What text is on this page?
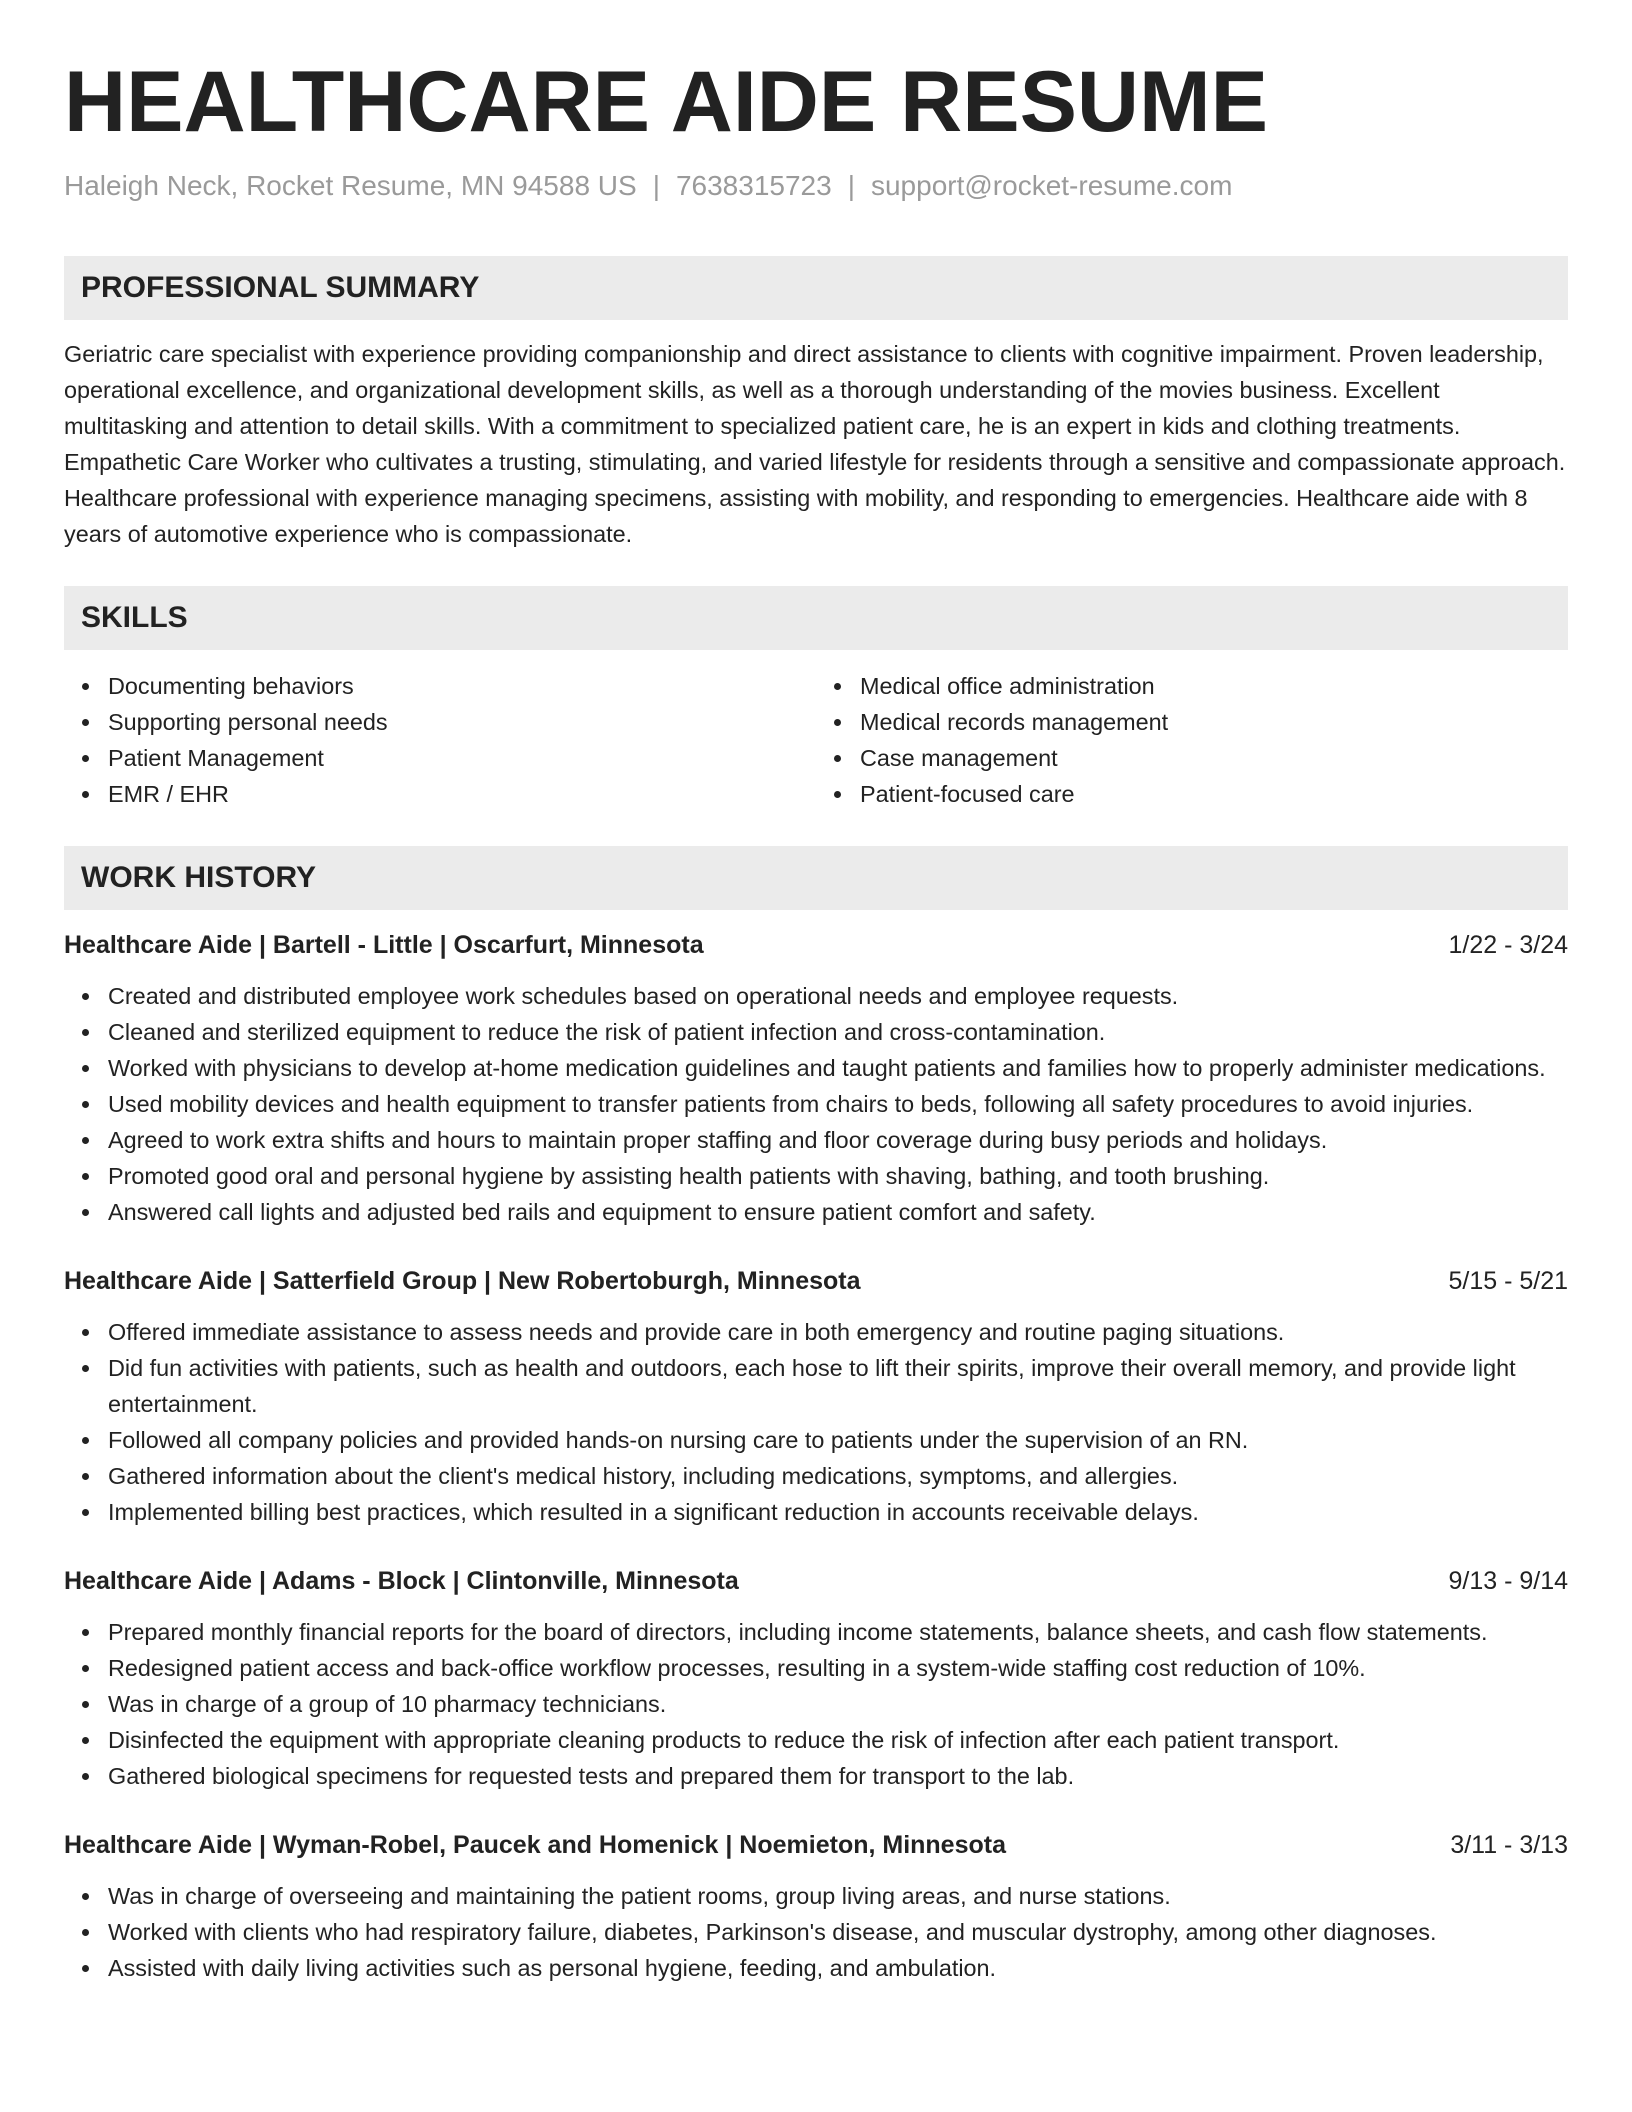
HEALTHCARE AIDE RESUME
Haleigh Neck, Rocket Resume, MN 94588 US | 7638315723 | support@rocket-resume.com
PROFESSIONAL SUMMARY
Geriatric care specialist with experience providing companionship and direct assistance to clients with cognitive impairment. Proven leadership, operational excellence, and organizational development skills, as well as a thorough understanding of the movies business. Excellent multitasking and attention to detail skills. With a commitment to specialized patient care, he is an expert in kids and clothing treatments. Empathetic Care Worker who cultivates a trusting, stimulating, and varied lifestyle for residents through a sensitive and compassionate approach. Healthcare professional with experience managing specimens, assisting with mobility, and responding to emergencies. Healthcare aide with 8 years of automotive experience who is compassionate.
SKILLS
Documenting behaviors
Supporting personal needs
Patient Management
EMR / EHR
Medical office administration
Medical records management
Case management
Patient-focused care
WORK HISTORY
Healthcare Aide | Bartell - Little | Oscarfurt, Minnesota	1/22 - 3/24
Created and distributed employee work schedules based on operational needs and employee requests.
Cleaned and sterilized equipment to reduce the risk of patient infection and cross-contamination.
Worked with physicians to develop at-home medication guidelines and taught patients and families how to properly administer medications.
Used mobility devices and health equipment to transfer patients from chairs to beds, following all safety procedures to avoid injuries.
Agreed to work extra shifts and hours to maintain proper staffing and floor coverage during busy periods and holidays.
Promoted good oral and personal hygiene by assisting health patients with shaving, bathing, and tooth brushing.
Answered call lights and adjusted bed rails and equipment to ensure patient comfort and safety.
Healthcare Aide | Satterfield Group | New Robertoburgh, Minnesota	5/15 - 5/21
Offered immediate assistance to assess needs and provide care in both emergency and routine paging situations.
Did fun activities with patients, such as health and outdoors, each hose to lift their spirits, improve their overall memory, and provide light entertainment.
Followed all company policies and provided hands-on nursing care to patients under the supervision of an RN.
Gathered information about the client's medical history, including medications, symptoms, and allergies.
Implemented billing best practices, which resulted in a significant reduction in accounts receivable delays.
Healthcare Aide | Adams - Block | Clintonville, Minnesota	9/13 - 9/14
Prepared monthly financial reports for the board of directors, including income statements, balance sheets, and cash flow statements.
Redesigned patient access and back-office workflow processes, resulting in a system-wide staffing cost reduction of 10%.
Was in charge of a group of 10 pharmacy technicians.
Disinfected the equipment with appropriate cleaning products to reduce the risk of infection after each patient transport.
Gathered biological specimens for requested tests and prepared them for transport to the lab.
Healthcare Aide | Wyman-Robel, Paucek and Homenick | Noemieton, Minnesota	3/11 - 3/13
Was in charge of overseeing and maintaining the patient rooms, group living areas, and nurse stations.
Worked with clients who had respiratory failure, diabetes, Parkinson's disease, and muscular dystrophy, among other diagnoses.
Assisted with daily living activities such as personal hygiene, feeding, and ambulation.
